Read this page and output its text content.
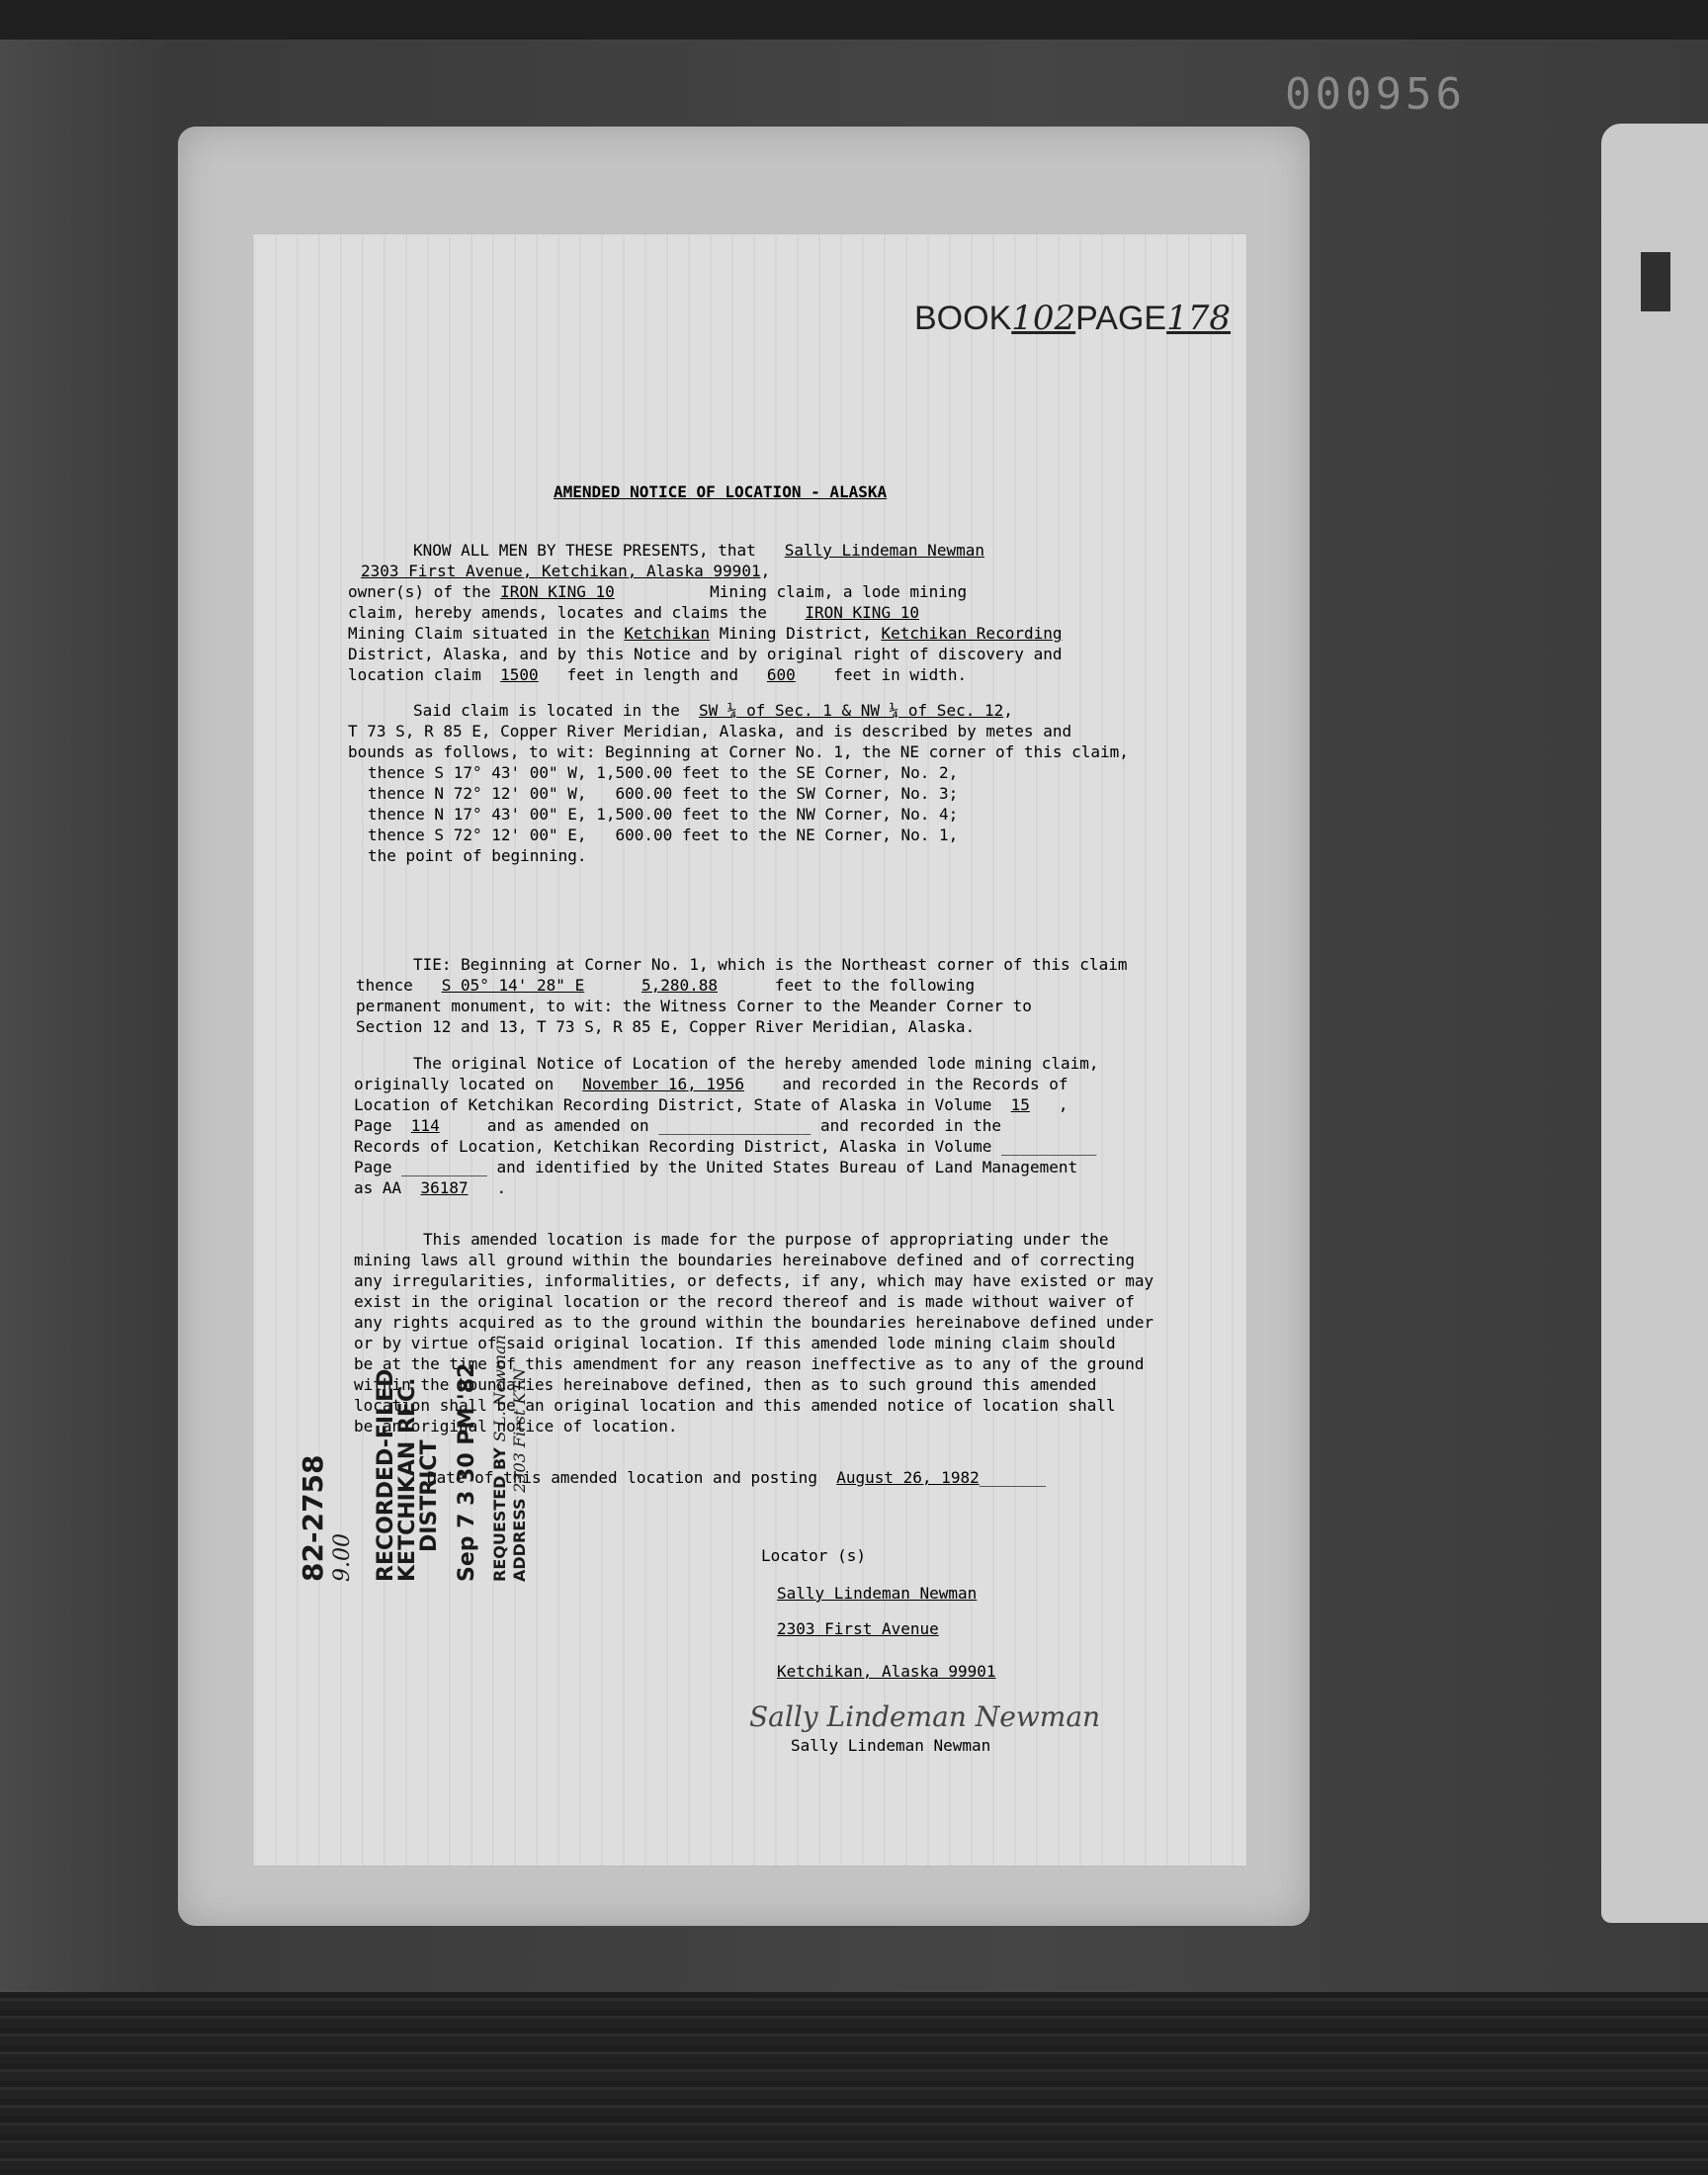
000956
BOOK102PAGE178
AMENDED NOTICE OF LOCATION - ALASKA
KNOW ALL MEN BY THESE PRESENTS, that Sally Lindeman Newman
2303 First Avenue, Ketchikan, Alaska 99901,
owner(s) of the IRON KING 10	Mining claim, a lode mining
claim, hereby amends, locates and claims the IRON KING 10
Mining Claim situated in the Ketchikan Mining District, Ketchikan Recording
District, Alaska, and by this Notice and by original right of discovery and
location claim 1500 feet in length and 600 feet in width.
Said claim is located in the SW ¼ of Sec. 1 & NW ¼ of Sec. 12,
T 73 S, R 85 E, Copper River Meridian, Alaska, and is described by metes and
bounds as follows, to wit: Beginning at Corner No. 1, the NE corner of this claim,
thence S 17° 43' 00" W, 1,500.00 feet to the SE Corner, No. 2,
thence N 72° 12' 00" W,   600.00 feet to the SW Corner, No. 3;
thence N 17° 43' 00" E, 1,500.00 feet to the NW Corner, No. 4;
thence S 72° 12' 00" E,   600.00 feet to the NE Corner, No. 1,
the point of beginning.
TIE: Beginning at Corner No. 1, which is the Northeast corner of this claim
thence S 05° 14' 28" E	5,280.88	feet to the following
permanent monument, to wit: the Witness Corner to the Meander Corner to
Section 12 and 13, T 73 S, R 85 E, Copper River Meridian, Alaska.
The original Notice of Location of the hereby amended lode mining claim,
originally located on November 16, 1956 and recorded in the Records of
Location of Ketchikan Recording District, State of Alaska in Volume 15   ,
Page 114	and as amended on ________________ and recorded in the
Records of Location, Ketchikan Recording District, Alaska in Volume __________
Page _________ and identified by the United States Bureau of Land Management
as AA 36187   .
This amended location is made for the purpose of appropriating under the
mining laws all ground within the boundaries hereinabove defined and of correcting
any irregularities, informalities, or defects, if any, which may have existed or may
exist in the original location or the record thereof and is made without waiver of
any rights acquired as to the ground within the boundaries hereinabove defined under
or by virtue of said original location. If this amended lode mining claim should
be at the time of this amendment for any reason ineffective as to any of the ground
within the boundaries hereinabove defined, then as to such ground this amended
location shall be an original location and this amended notice of location shall
be an original notice of location.
Date of this amended location and posting August 26, 1982_______
Locator (s)
Sally Lindeman Newman
2303 First Avenue
Ketchikan, Alaska 99901
Sally Lindeman Newman
Sally Lindeman Newman
82-2758 9.00 RECORDED-FILED
KETCHIKAN REC.
DISTRICT Sep 7 3 30 PM '82 REQUESTED BY S.L. Newman
ADDRESS 2303 First KTN
